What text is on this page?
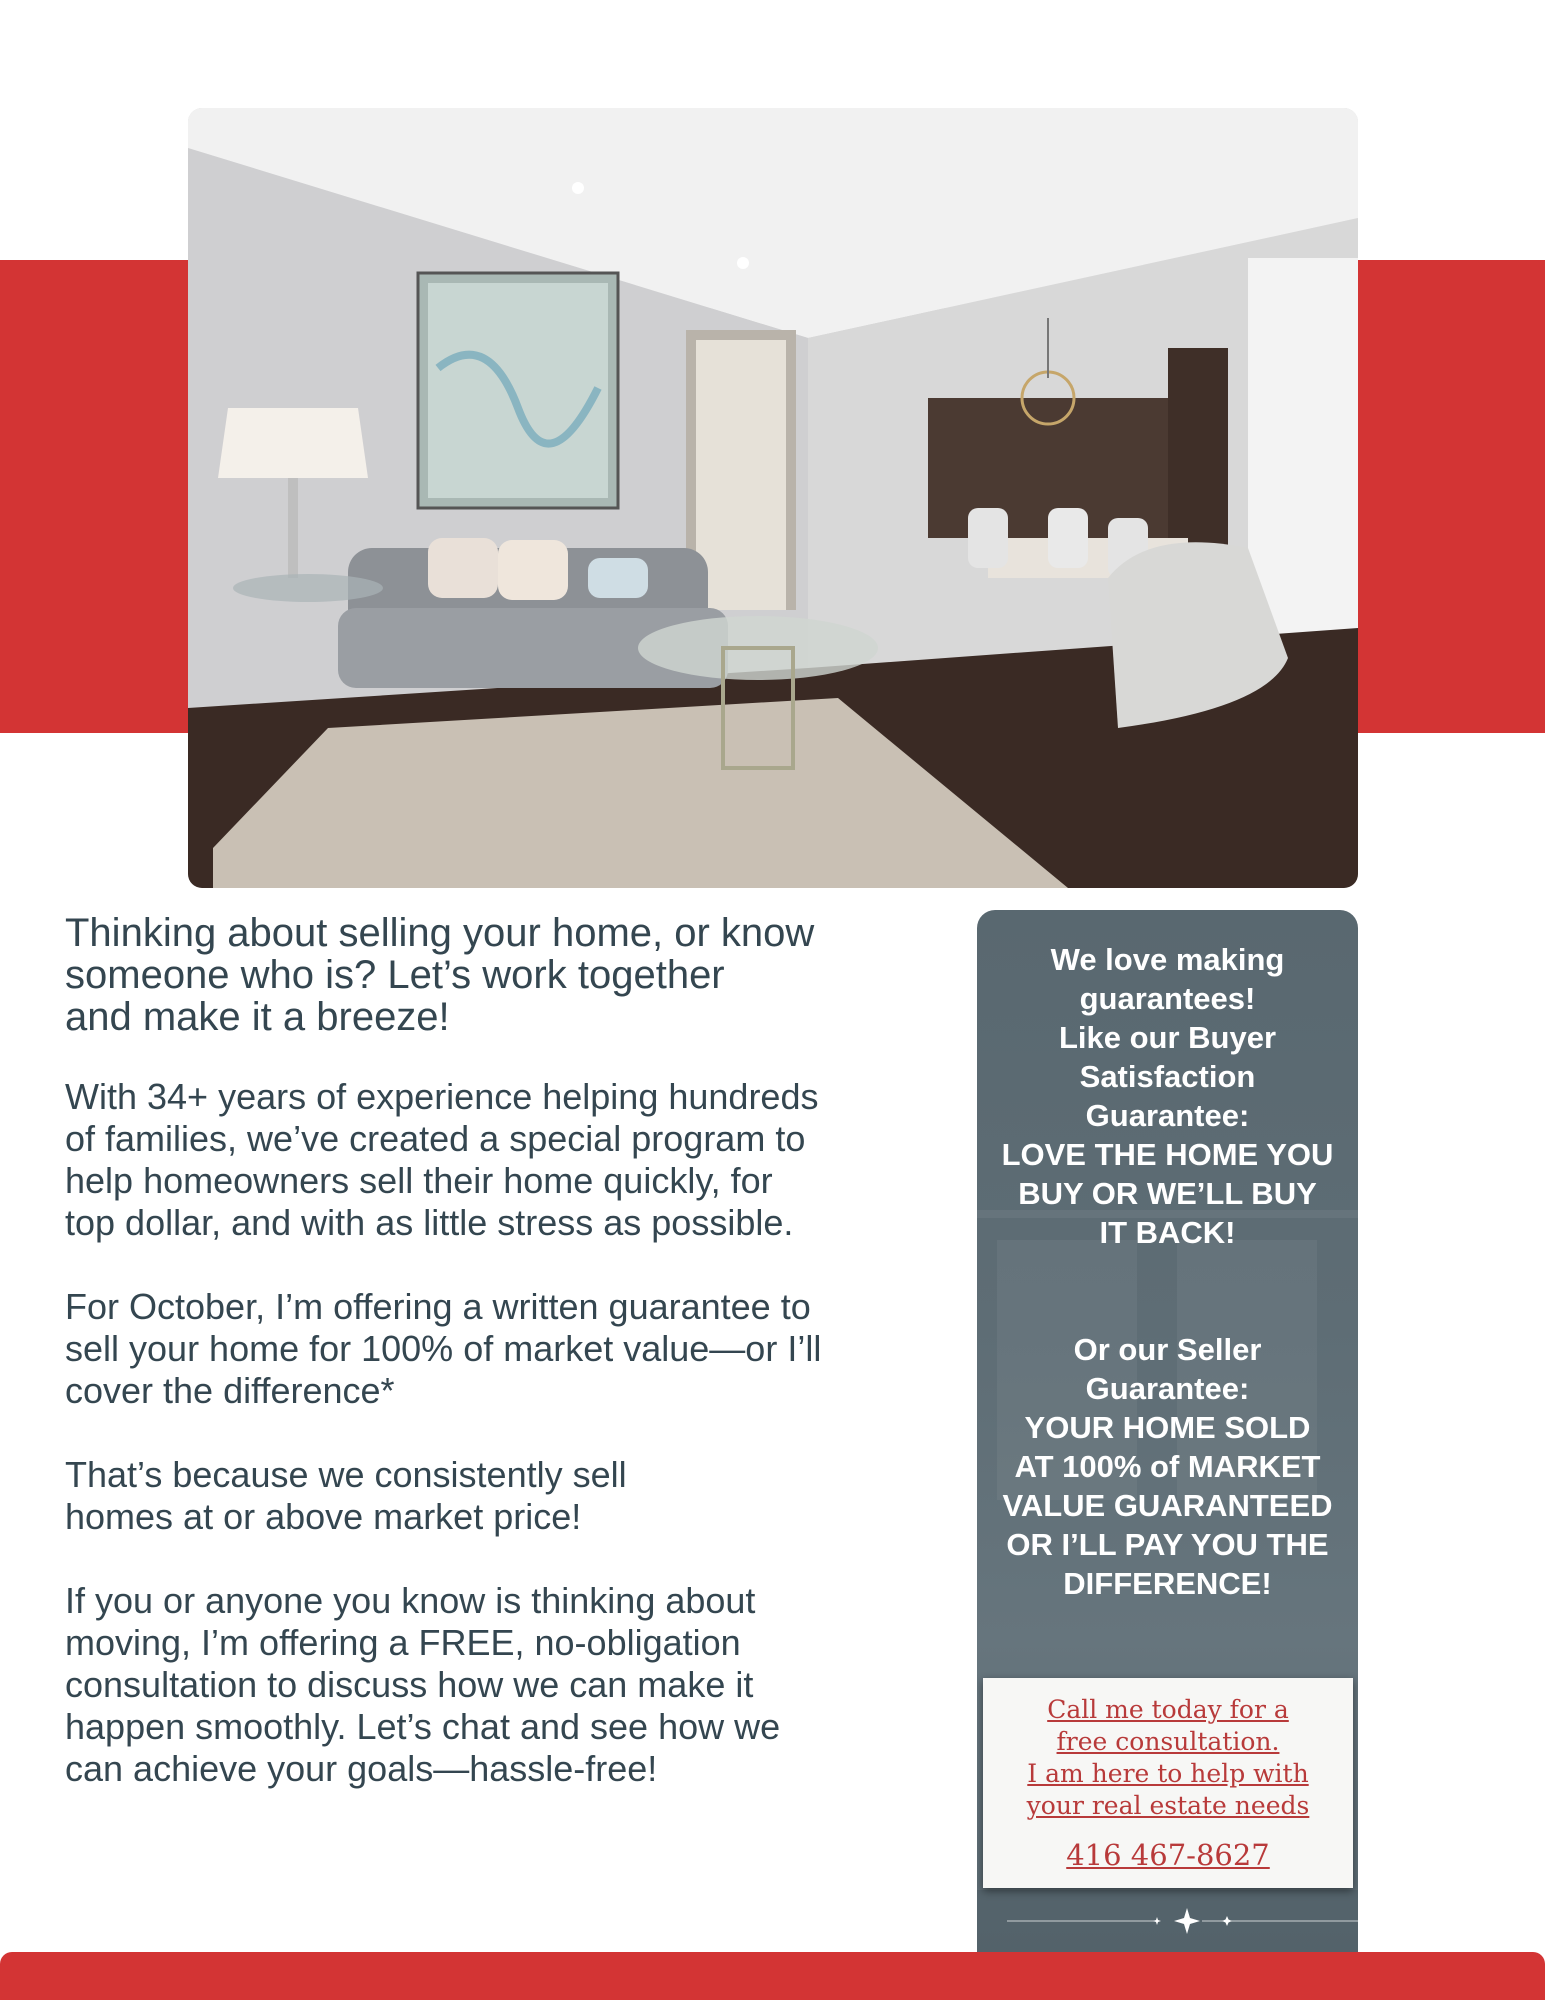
Thinking about selling your home, or know
someone who is? Let’s work together
and make it a breeze!

With 34+ years of experience helping hundreds
of families, we’ve created a special program to
help homeowners sell their home quickly, for
top dollar, and with as little stress as possible.

For October, I’m offering a written guarantee to
sell your home for 100% of market value—or I’ll
cover the difference*

That’s because we consistently sell
homes at or above market price!

If you or anyone you know is thinking about
moving, I’m offering a FREE, no-obligation
consultation to discuss how we can make it
happen smoothly. Let’s chat and see how we
can achieve your goals—hassle-free!

We love making
guarantees!
Like our Buyer
Satisfaction
Guarantee:
LOVE THE HOME YOU
BUY OR WE’LL BUY
IT BACK!
Or our Seller
Guarantee:
YOUR HOME SOLD
AT 100% of MARKET
VALUE GUARANTEED
OR I’LL PAY YOU THE
DIFFERENCE!
Call me today for a
free consultation.
I am here to help with
your real estate needs
416 467-8627
